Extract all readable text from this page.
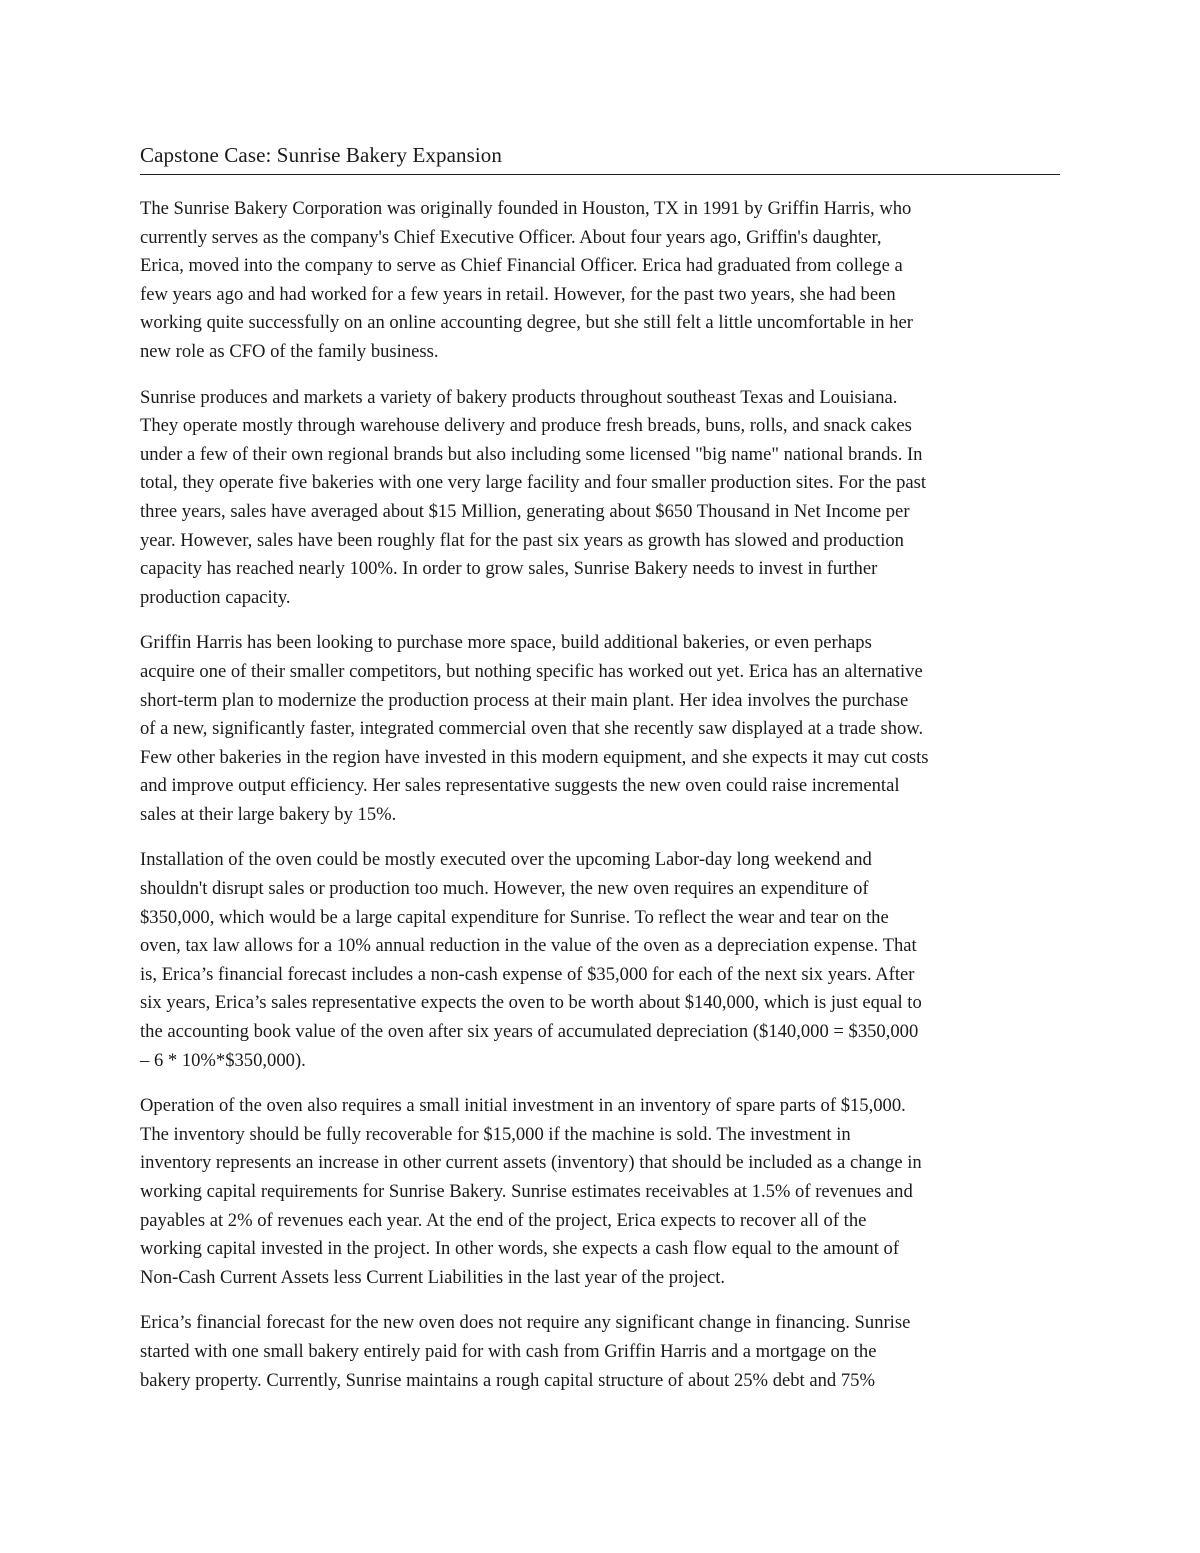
Capstone Case: Sunrise Bakery Expansion

The Sunrise Bakery Corporation was originally founded in Houston, TX in 1991 by Griffin Harris, who
currently serves as the company's Chief Executive Officer. About four years ago, Griffin's daughter,
Erica, moved into the company to serve as Chief Financial Officer. Erica had graduated from college a
few years ago and had worked for a few years in retail. However, for the past two years, she had been
working quite successfully on an online accounting degree, but she still felt a little uncomfortable in her
new role as CFO of the family business.

Sunrise produces and markets a variety of bakery products throughout southeast Texas and Louisiana.
They operate mostly through warehouse delivery and produce fresh breads, buns, rolls, and snack cakes
under a few of their own regional brands but also including some licensed "big name" national brands. In
total, they operate five bakeries with one very large facility and four smaller production sites. For the past
three years, sales have averaged about $15 Million, generating about $650 Thousand in Net Income per
year. However, sales have been roughly flat for the past six years as growth has slowed and production
capacity has reached nearly 100%. In order to grow sales, Sunrise Bakery needs to invest in further
production capacity.

Griffin Harris has been looking to purchase more space, build additional bakeries, or even perhaps
acquire one of their smaller competitors, but nothing specific has worked out yet. Erica has an alternative
short-term plan to modernize the production process at their main plant. Her idea involves the purchase
of a new, significantly faster, integrated commercial oven that she recently saw displayed at a trade show.
Few other bakeries in the region have invested in this modern equipment, and she expects it may cut costs
and improve output efficiency. Her sales representative suggests the new oven could raise incremental
sales at their large bakery by 15%.

Installation of the oven could be mostly executed over the upcoming Labor-day long weekend and
shouldn't disrupt sales or production too much. However, the new oven requires an expenditure of
$350,000, which would be a large capital expenditure for Sunrise. To reflect the wear and tear on the
oven, tax law allows for a 10% annual reduction in the value of the oven as a depreciation expense. That
is, Erica’s financial forecast includes a non-cash expense of $35,000 for each of the next six years. After
six years, Erica’s sales representative expects the oven to be worth about $140,000, which is just equal to
the accounting book value of the oven after six years of accumulated depreciation ($140,000 = $350,000
– 6 * 10%*$350,000).

Operation of the oven also requires a small initial investment in an inventory of spare parts of $15,000.
The inventory should be fully recoverable for $15,000 if the machine is sold. The investment in
inventory represents an increase in other current assets (inventory) that should be included as a change in
working capital requirements for Sunrise Bakery. Sunrise estimates receivables at 1.5% of revenues and
payables at 2% of revenues each year. At the end of the project, Erica expects to recover all of the
working capital invested in the project. In other words, she expects a cash flow equal to the amount of
Non-Cash Current Assets less Current Liabilities in the last year of the project.

Erica’s financial forecast for the new oven does not require any significant change in financing. Sunrise
started with one small bakery entirely paid for with cash from Griffin Harris and a mortgage on the
bakery property. Currently, Sunrise maintains a rough capital structure of about 25% debt and 75%
